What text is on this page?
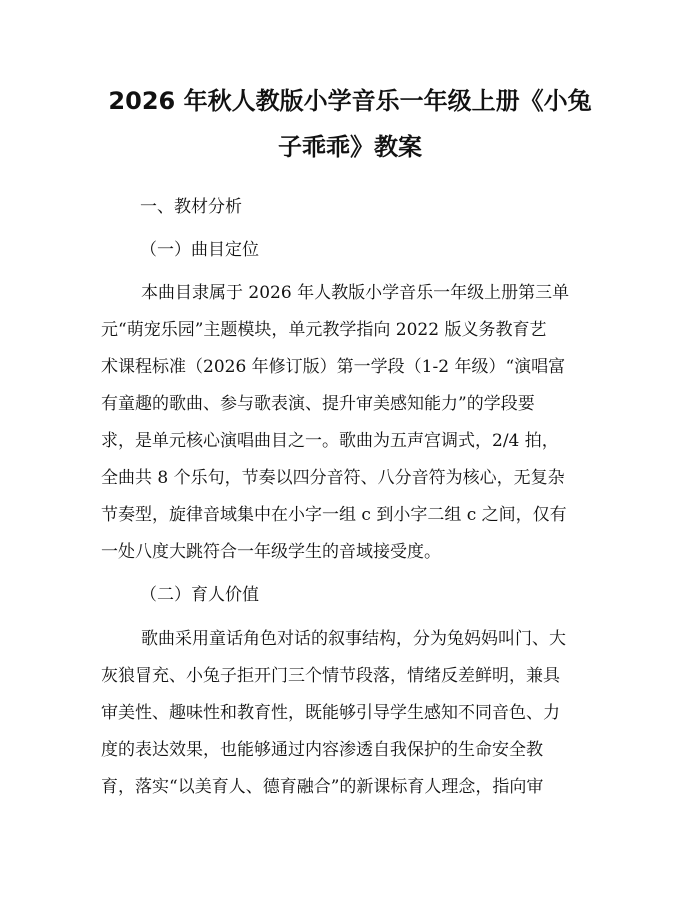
2026 年秋人教版小学音乐一年级上册《小兔
子乖乖》教案
一、教材分析
（一）曲目定位
本曲目隶属于 2026 年人教版小学音乐一年级上册第三单
元“萌宠乐园”主题模块，单元教学指向 2022 版义务教育艺
术课程标准（2026 年修订版）第一学段（1-2 年级）“演唱富
有童趣的歌曲、参与歌表演、提升审美感知能力”的学段要
求，是单元核心演唱曲目之一。歌曲为五声宫调式，2/4 拍，
全曲共 8 个乐句，节奏以四分音符、八分音符为核心，无复杂
节奏型，旋律音域集中在小字一组 c 到小字二组 c 之间，仅有
一处八度大跳符合一年级学生的音域接受度。
（二）育人价值
歌曲采用童话角色对话的叙事结构，分为兔妈妈叫门、大
灰狼冒充、小兔子拒开门三个情节段落，情绪反差鲜明，兼具
审美性、趣味性和教育性，既能够引导学生感知不同音色、力
度的表达效果，也能够通过内容渗透自我保护的生命安全教
育，落实“以美育人、德育融合”的新课标育人理念，指向审
